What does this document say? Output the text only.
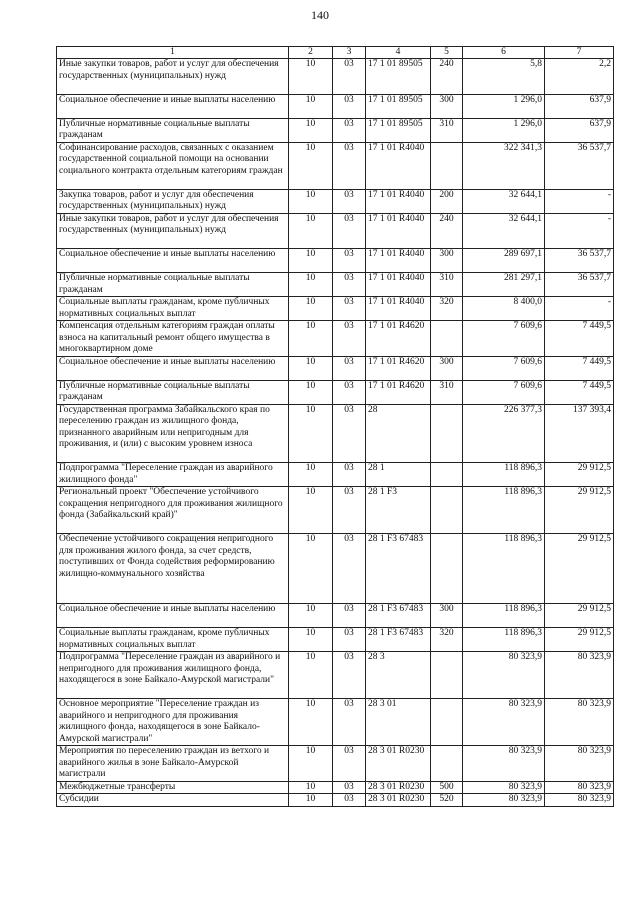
140
1	2	3	4	5	6	7
Иные закупки товаров, работ и услуг для обеспечения государственных (муниципальных) нужд	10	03	17 1 01 89505	240	5,8	2,2
Социальное обеспечение и иные выплаты населению	10	03	17 1 01 89505	300	1 296,0	637,9
Публичные нормативные социальные выплаты гражданам	10	03	17 1 01 89505	310	1 296,0	637,9
Софинансирование расходов, связанных с оказанием государственной социальной помощи на основании социального контракта отдельным категориям граждан	10	03	17 1 01 R4040		322 341,3	36 537,7
Закупка товаров, работ и услуг для обеспечения государственных (муниципальных) нужд	10	03	17 1 01 R4040	200	32 644,1	-
Иные закупки товаров, работ и услуг для обеспечения государственных (муниципальных) нужд	10	03	17 1 01 R4040	240	32 644,1	-
Социальное обеспечение и иные выплаты населению	10	03	17 1 01 R4040	300	289 697,1	36 537,7
Публичные нормативные социальные выплаты гражданам	10	03	17 1 01 R4040	310	281 297,1	36 537,7
Социальные выплаты гражданам, кроме публичных нормативных социальных выплат	10	03	17 1 01 R4040	320	8 400,0	-
Компенсация отдельным категориям граждан оплаты взноса на капитальный ремонт общего имущества в многоквартирном доме	10	03	17 1 01 R4620		7 609,6	7 449,5
Социальное обеспечение и иные выплаты населению	10	03	17 1 01 R4620	300	7 609,6	7 449,5
Публичные нормативные социальные выплаты гражданам	10	03	17 1 01 R4620	310	7 609,6	7 449,5
Государственная программа Забайкальского края по переселению граждан из жилищного фонда, признанного аварийным или непригодным для проживания, и (или) с высоким уровнем износа	10	03	28		226 377,3	137 393,4
Подпрограмма "Переселение граждан из аварийного жилищного фонда"	10	03	28 1		118 896,3	29 912,5
Региональный проект "Обеспечение устойчивого сокращения непригодного для проживания жилищного фонда (Забайкальский край)"	10	03	28 1 F3		118 896,3	29 912,5
Обеспечение устойчивого сокращения непригодного для проживания жилого фонда, за счет средств, поступивших от Фонда содействия реформированию жилищно-коммунального хозяйства	10	03	28 1 F3 67483		118 896,3	29 912,5
Социальное обеспечение и иные выплаты населению	10	03	28 1 F3 67483	300	118 896,3	29 912,5
Социальные выплаты гражданам, кроме публичных нормативных социальных выплат	10	03	28 1 F3 67483	320	118 896,3	29 912,5
Подпрограмма "Переселение граждан из аварийного и непригодного для проживания жилищного фонда, находящегося в зоне Байкало-Амурской магистрали"	10	03	28 3		80 323,9	80 323,9
Основное мероприятие "Переселение граждан из аварийного и непригодного для проживания жилищного фонда, находящегося в зоне Байкало-Амурской магистрали"	10	03	28 3 01		80 323,9	80 323,9
Мероприятия по переселению граждан из ветхого и аварийного жилья в зоне Байкало-Амурской магистрали	10	03	28 3 01 R0230		80 323,9	80 323,9
Межбюджетные трансферты	10	03	28 3 01 R0230	500	80 323,9	80 323,9
Субсидии	10	03	28 3 01 R0230	520	80 323,9	80 323,9
